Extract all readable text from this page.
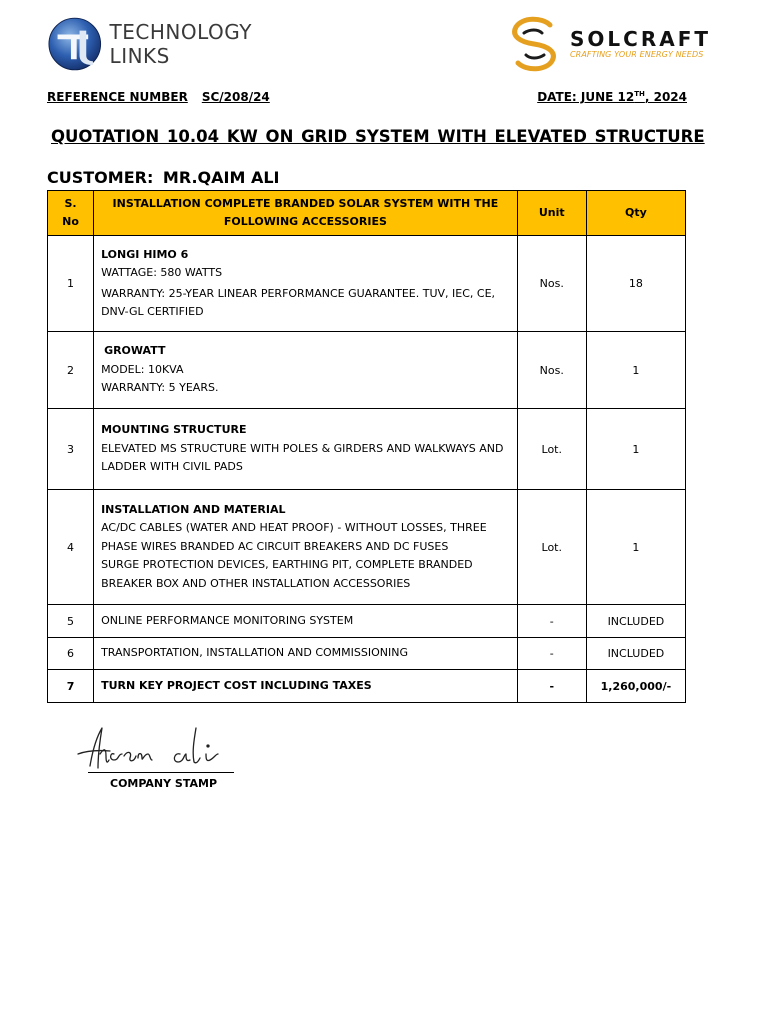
TECHNOLOGY LINKS
SOLCRAFT
CRAFTING YOUR ENERGY NEEDS
REFERENCE NUMBER SC/208/24	DATE: JUNE 12TH, 2024
QUOTATION 10.04 KW ON GRID SYSTEM WITH ELEVATED STRUCTURE
CUSTOMER: MR.QAIM ALI
S. No	INSTALLATION COMPLETE BRANDED SOLAR SYSTEM WITH THE FOLLOWING ACCESSORIES	Unit	Qty
1	LONGI HIMO 6
WATTAGE: 580 WATTS
WARRANTY: 25-YEAR LINEAR PERFORMANCE GUARANTEE. TUV, IEC, CE, DNV-GL CERTIFIED	Nos.	18
2	GROWATT
MODEL: 10KVA
WARRANTY: 5 YEARS.	Nos.	1
3	MOUNTING STRUCTURE
ELEVATED MS STRUCTURE WITH POLES & GIRDERS AND WALKWAYS AND LADDER WITH CIVIL PADS	Lot.	1
4	INSTALLATION AND MATERIAL
AC/DC CABLES (WATER AND HEAT PROOF) - WITHOUT LOSSES, THREE PHASE WIRES BRANDED AC CIRCUIT BREAKERS AND DC FUSES
SURGE PROTECTION DEVICES, EARTHING PIT, COMPLETE BRANDED BREAKER BOX AND OTHER INSTALLATION ACCESSORIES	Lot.	1
5	ONLINE PERFORMANCE MONITORING SYSTEM	-	INCLUDED
6	TRANSPORTATION, INSTALLATION AND COMMISSIONING	-	INCLUDED
7	TURN KEY PROJECT COST INCLUDING TAXES	-	1,260,000/-
COMPANY STAMP
